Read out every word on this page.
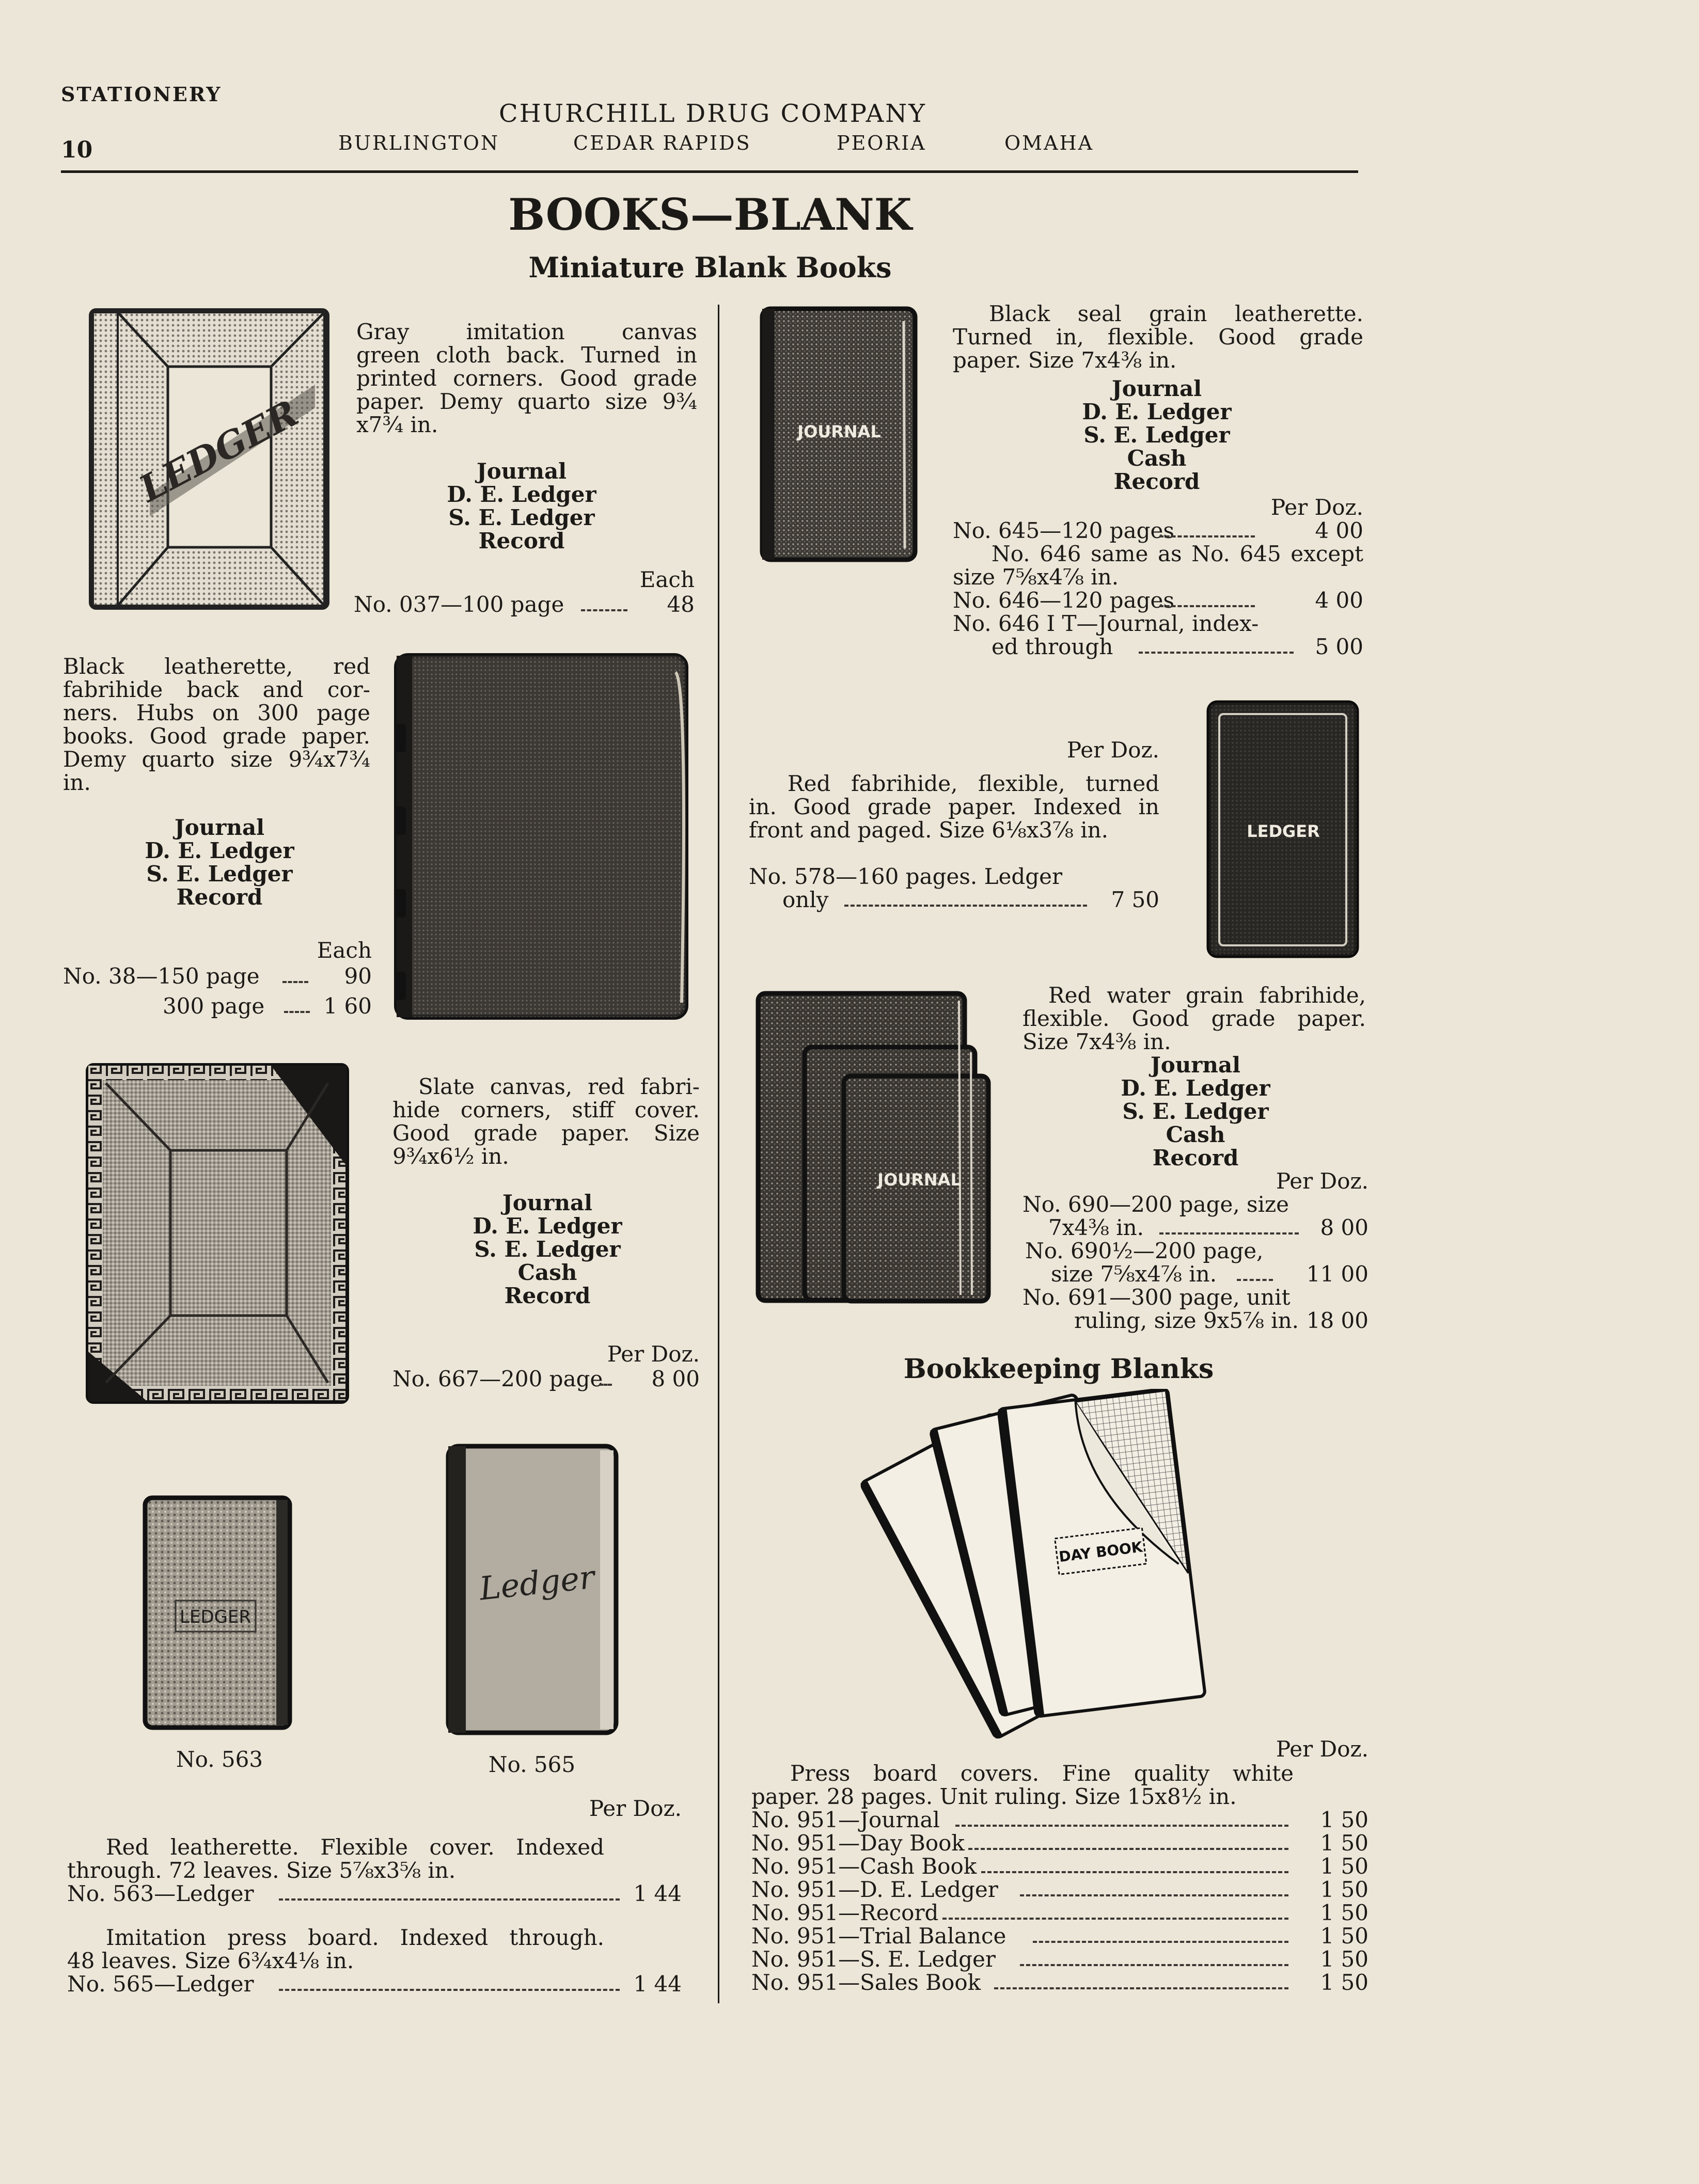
STATIONERY
10
CHURCHILL DRUG COMPANY
BURLINGTON	CEDAR RAPIDS	PEORIA	OMAHA
BOOKS—BLANK
Miniature Blank Books
LEDGER
Gray imitation canvas
green cloth back. Turned in
printed corners. Good grade
paper. Demy quarto size 9¾
x7¾ in.
Journal
D. E. Ledger
S. E. Ledger
Record
Each
No. 037—100 page	48
Black leatherette, red
fabrihide back and cor-
ners. Hubs on 300 page
books. Good grade paper.
Demy quarto size 9¾x7¾
in.
Journal
D. E. Ledger
S. E. Ledger
Record
Each
No. 38—150 page	90
300 page	1 60
Slate canvas, red fabri-
hide corners, stiff cover.
Good grade paper. Size
9¾x6½ in.
Journal
D. E. Ledger
S. E. Ledger
Cash
Record
Per Doz.
No. 667—200 page 8 00
LEDGER
No. 563
Ledger
No. 565
Per Doz.
Red leatherette. Flexible cover. Indexed
through. 72 leaves. Size 5⅞x3⅝ in.
No. 563—Ledger	1 44
Imitation press board. Indexed through.
48 leaves. Size 6¾x4⅛ in.
No. 565—Ledger	1 44
JOURNAL
Black seal grain leatherette.
Turned in, flexible. Good grade
paper. Size 7x4⅜ in.
Journal
D. E. Ledger
S. E. Ledger
Cash
Record
Per Doz.
No. 645—120 pages	4 00
No. 646 same as No. 645 except
size 7⅝x4⅞ in.
No. 646—120 pages	4 00
No. 646 I T—Journal, index-
ed through	5 00
Per Doz.
Red fabrihide, flexible, turned
in. Good grade paper. Indexed in
front and paged. Size 6⅛x3⅞ in.
No. 578—160 pages. Ledger
only	7 50
LEDGER
JOURNAL
Red water grain fabrihide,
flexible. Good grade paper.
Size 7x4⅜ in.
Journal
D. E. Ledger
S. E. Ledger
Cash
Record
Per Doz.
No. 690—200 page, size
7x4⅜ in.	8 00
No. 690½—200 page,
size 7⅝x4⅞ in.	11 00
No. 691—300 page, unit
ruling, size 9x5⅞ in. 18 00
Bookkeeping Blanks
DAY BOOK
Per Doz.
Press board covers. Fine quality white
paper. 28 pages. Unit ruling. Size 15x8½ in.
No. 951—Journal	1 50
No. 951—Day Book	1 50
No. 951—Cash Book	1 50
No. 951—D. E. Ledger	1 50
No. 951—Record	1 50
No. 951—Trial Balance	1 50
No. 951—S. E. Ledger	1 50
No. 951—Sales Book	1 50
